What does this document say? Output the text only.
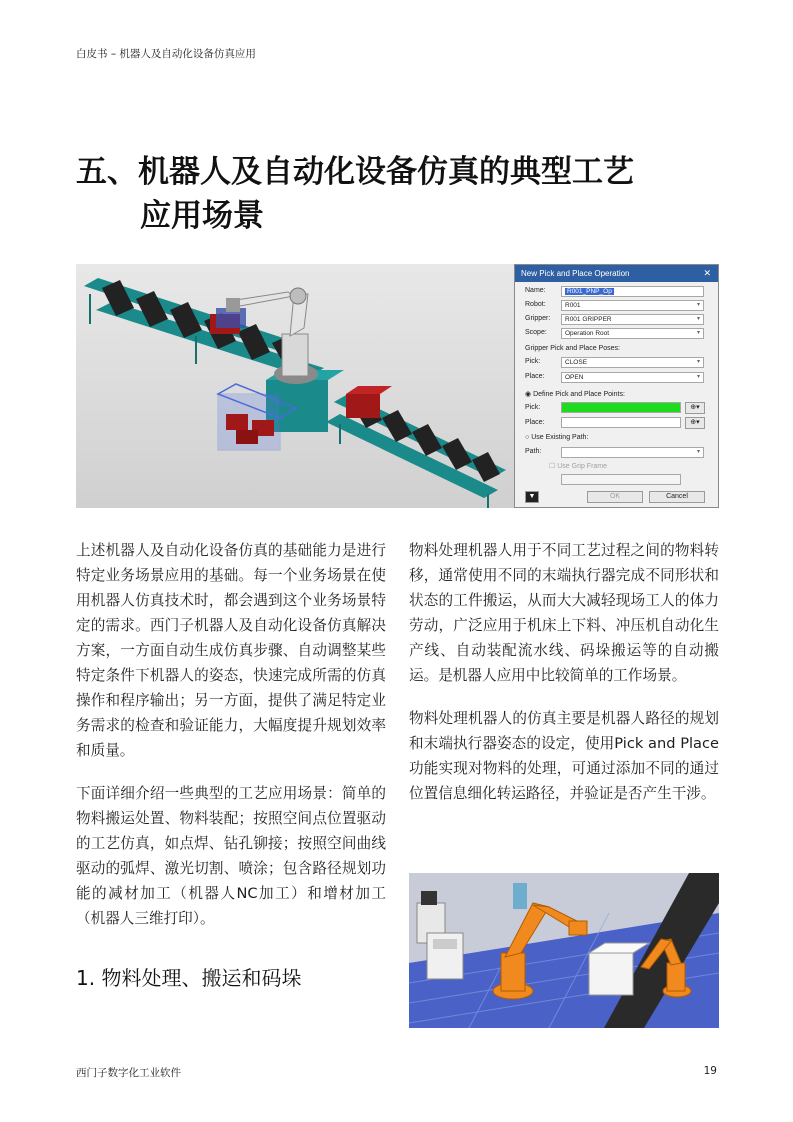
白皮书 – 机器人及自动化设备仿真应用
五、机器人及自动化设备仿真的典型工艺
应用场景
New Pick and Place Operation	✕
Name:	R001_PNP_Op
Robot:	R001	▾
Gripper:	R001 GRIPPER	▾
Scope:	Operation Root	▾
Gripper Pick and Place Poses:
Pick:	CLOSE	▾
Place:	OPEN	▾
◉ Define Pick and Place Points:
Pick:	⊕▾
Place:	⊕▾
○ Use Existing Path:
Path:	▾
☐ Use Grip Frame
▼	OK	Cancel

上述机器人及自动化设备仿真的基础能力是进行特定业务场景应用的基础。每一个业务场景在使用机器人仿真技术时，都会遇到这个业务场景特定的需求。西门子机器人及自动化设备仿真解决方案，一方面自动生成仿真步骤、自动调整某些特定条件下机器人的姿态，快速完成所需的仿真操作和程序输出；另一方面，提供了满足特定业务需求的检查和验证能力，大幅度提升规划效率和质量。

下面详细介绍一些典型的工艺应用场景：简单的物料搬运处置、物料装配；按照空间点位置驱动的工艺仿真，如点焊、钻孔铆接；按照空间曲线驱动的弧焊、激光切割、喷涂；包含路径规划功能的减材加工（机器人NC加工）和增材加工（机器人三维打印）。

1. 物料处理、搬运和码垛

物料处理机器人用于不同工艺过程之间的物料转移，通常使用不同的末端执行器完成不同形状和状态的工件搬运，从而大大减轻现场工人的体力劳动，广泛应用于机床上下料、冲压机自动化生产线、自动装配流水线、码垛搬运等的自动搬运。是机器人应用中比较简单的工作场景。

物料处理机器人的仿真主要是机器人路径的规划和末端执行器姿态的设定，使用Pick and Place功能实现对物料的处理，可通过添加不同的通过位置信息细化转运路径，并验证是否产生干涉。

西门子数字化工业软件	19
